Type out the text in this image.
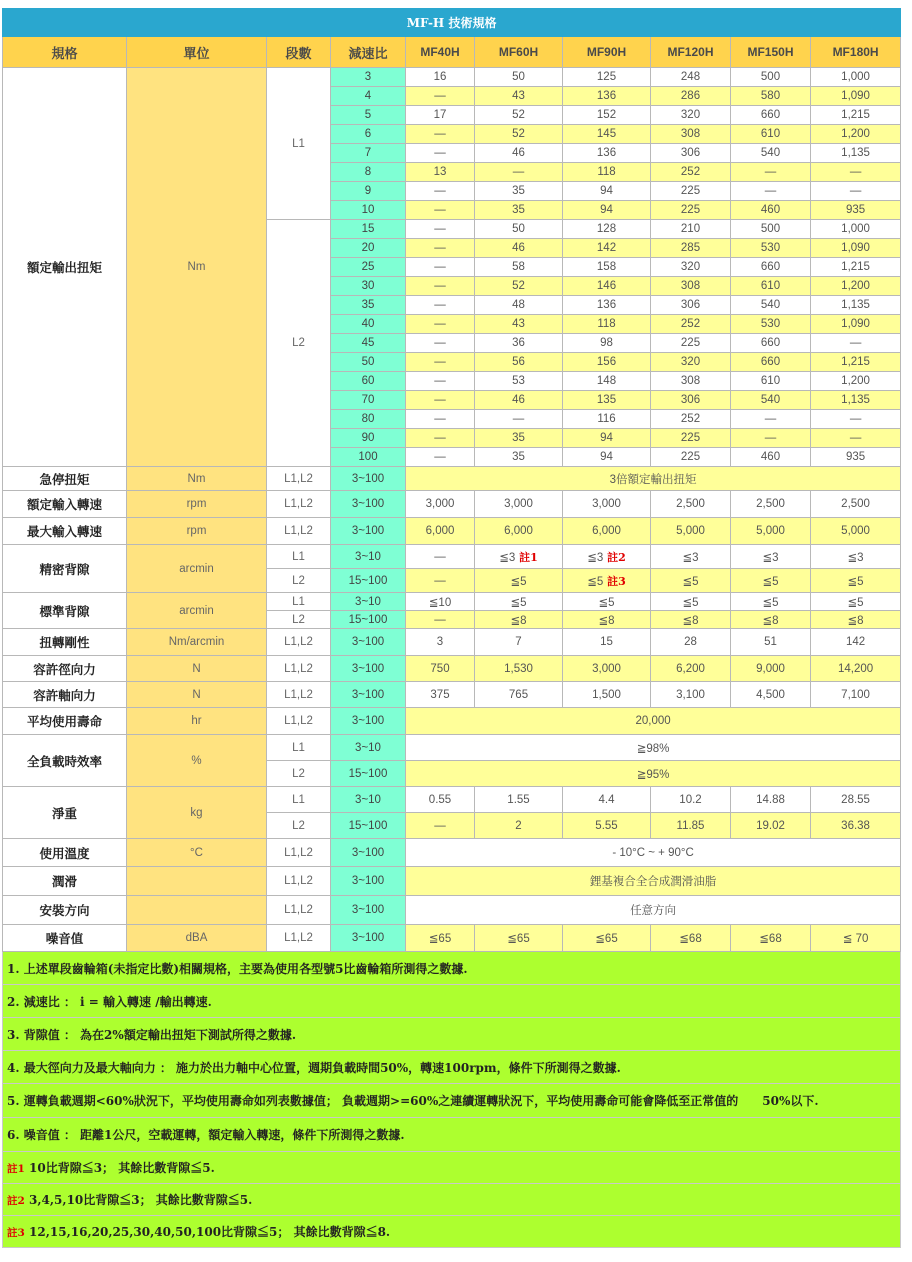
MF-H 技術規格									
規格	單位	段數	減速比	MF40H	MF60H	MF90H	MF120H	MF150H	MF180H
額定輸出扭矩	Nm	L1	3	16	50	125	248	500	1,000
			4	—	43	136	286	580	1,090
			5	17	52	152	320	660	1,215
			6	—	52	145	308	610	1,200
			7	—	46	136	306	540	1,135
			8	13	—	118	252	—	—
			9	—	35	94	225	—	—
			10	—	35	94	225	460	935
		L2	15	—	50	128	210	500	1,000
			20	—	46	142	285	530	1,090
			25	—	58	158	320	660	1,215
			30	—	52	146	308	610	1,200
			35	—	48	136	306	540	1,135
			40	—	43	118	252	530	1,090
			45	—	36	98	225	660	—
			50	—	56	156	320	660	1,215
			60	—	53	148	308	610	1,200
			70	—	46	135	306	540	1,135
			80	—	—	116	252	—	—
			90	—	35	94	225	—	—
			100	—	35	94	225	460	935
急停扭矩	Nm	L1,L2	3~100	3倍額定輸出扭矩					
額定輸入轉速	rpm	L1,L2	3~100	3,000	3,000	3,000	2,500	2,500	2,500
最大輸入轉速	rpm	L1,L2	3~100	6,000	6,000	6,000	5,000	5,000	5,000
精密背隙	arcmin	L1	3~10	—	≦3 註1	≦3 註2	≦3	≦3	≦3
		L2	15~100	—	≦5	≦5 註3	≦5	≦5	≦5
標準背隙	arcmin	L1	3~10	≦10	≦5	≦5	≦5	≦5	≦5
		L2	15~100	—	≦8	≦8	≦8	≦8	≦8
扭轉剛性	Nm/arcmin	L1,L2	3~100	3	7	15	28	51	142
容許徑向力	N	L1,L2	3~100	750	1,530	3,000	6,200	9,000	14,200
容許軸向力	N	L1,L2	3~100	375	765	1,500	3,100	4,500	7,100
平均使用壽命	hr	L1,L2	3~100	20,000					
全負載時效率	%	L1	3~10	≧98%					
		L2	15~100	≧95%					
淨重	kg	L1	3~10	0.55	1.55	4.4	10.2	14.88	28.55
		L2	15~100	—	2	5.55	11.85	19.02	36.38
使用溫度	°C	L1,L2	3~100	- 10°C ~ + 90°C					
潤滑		L1,L2	3~100	鋰基複合全合成潤滑油脂					
安裝方向		L1,L2	3~100	任意方向					
噪音值	dBA	L1,L2	3~100	≦65	≦65	≦65	≦68	≦68	≦ 70
1. 上述單段齒輪箱(未指定比數)相關規格，主要為使用各型號5比齒輪箱所測得之數據.									
2. 減速比 ： i = 輸入轉速 /輸出轉速.									
3. 背隙值 ： 為在2%額定輸出扭矩下測試所得之數據.									
4. 最大徑向力及最大軸向力 ： 施力於出力軸中心位置，週期負載時間50%，轉速100rpm，條件下所測得之數據.									
5. 運轉負載週期<60%狀況下，平均使用壽命如列表數據值； 負載週期>=60%之連續運轉狀況下，平均使用壽命可能會降低至正常值的　　50%以下.									
6. 噪音值 ： 距離1公尺，空載運轉，額定輸入轉速，條件下所測得之數據.									
註1 10比背隙≦3； 其餘比數背隙≦5.									
註2 3,4,5,10比背隙≦3； 其餘比數背隙≦5.									
註3 12,15,16,20,25,30,40,50,100比背隙≦5； 其餘比數背隙≦8.									
